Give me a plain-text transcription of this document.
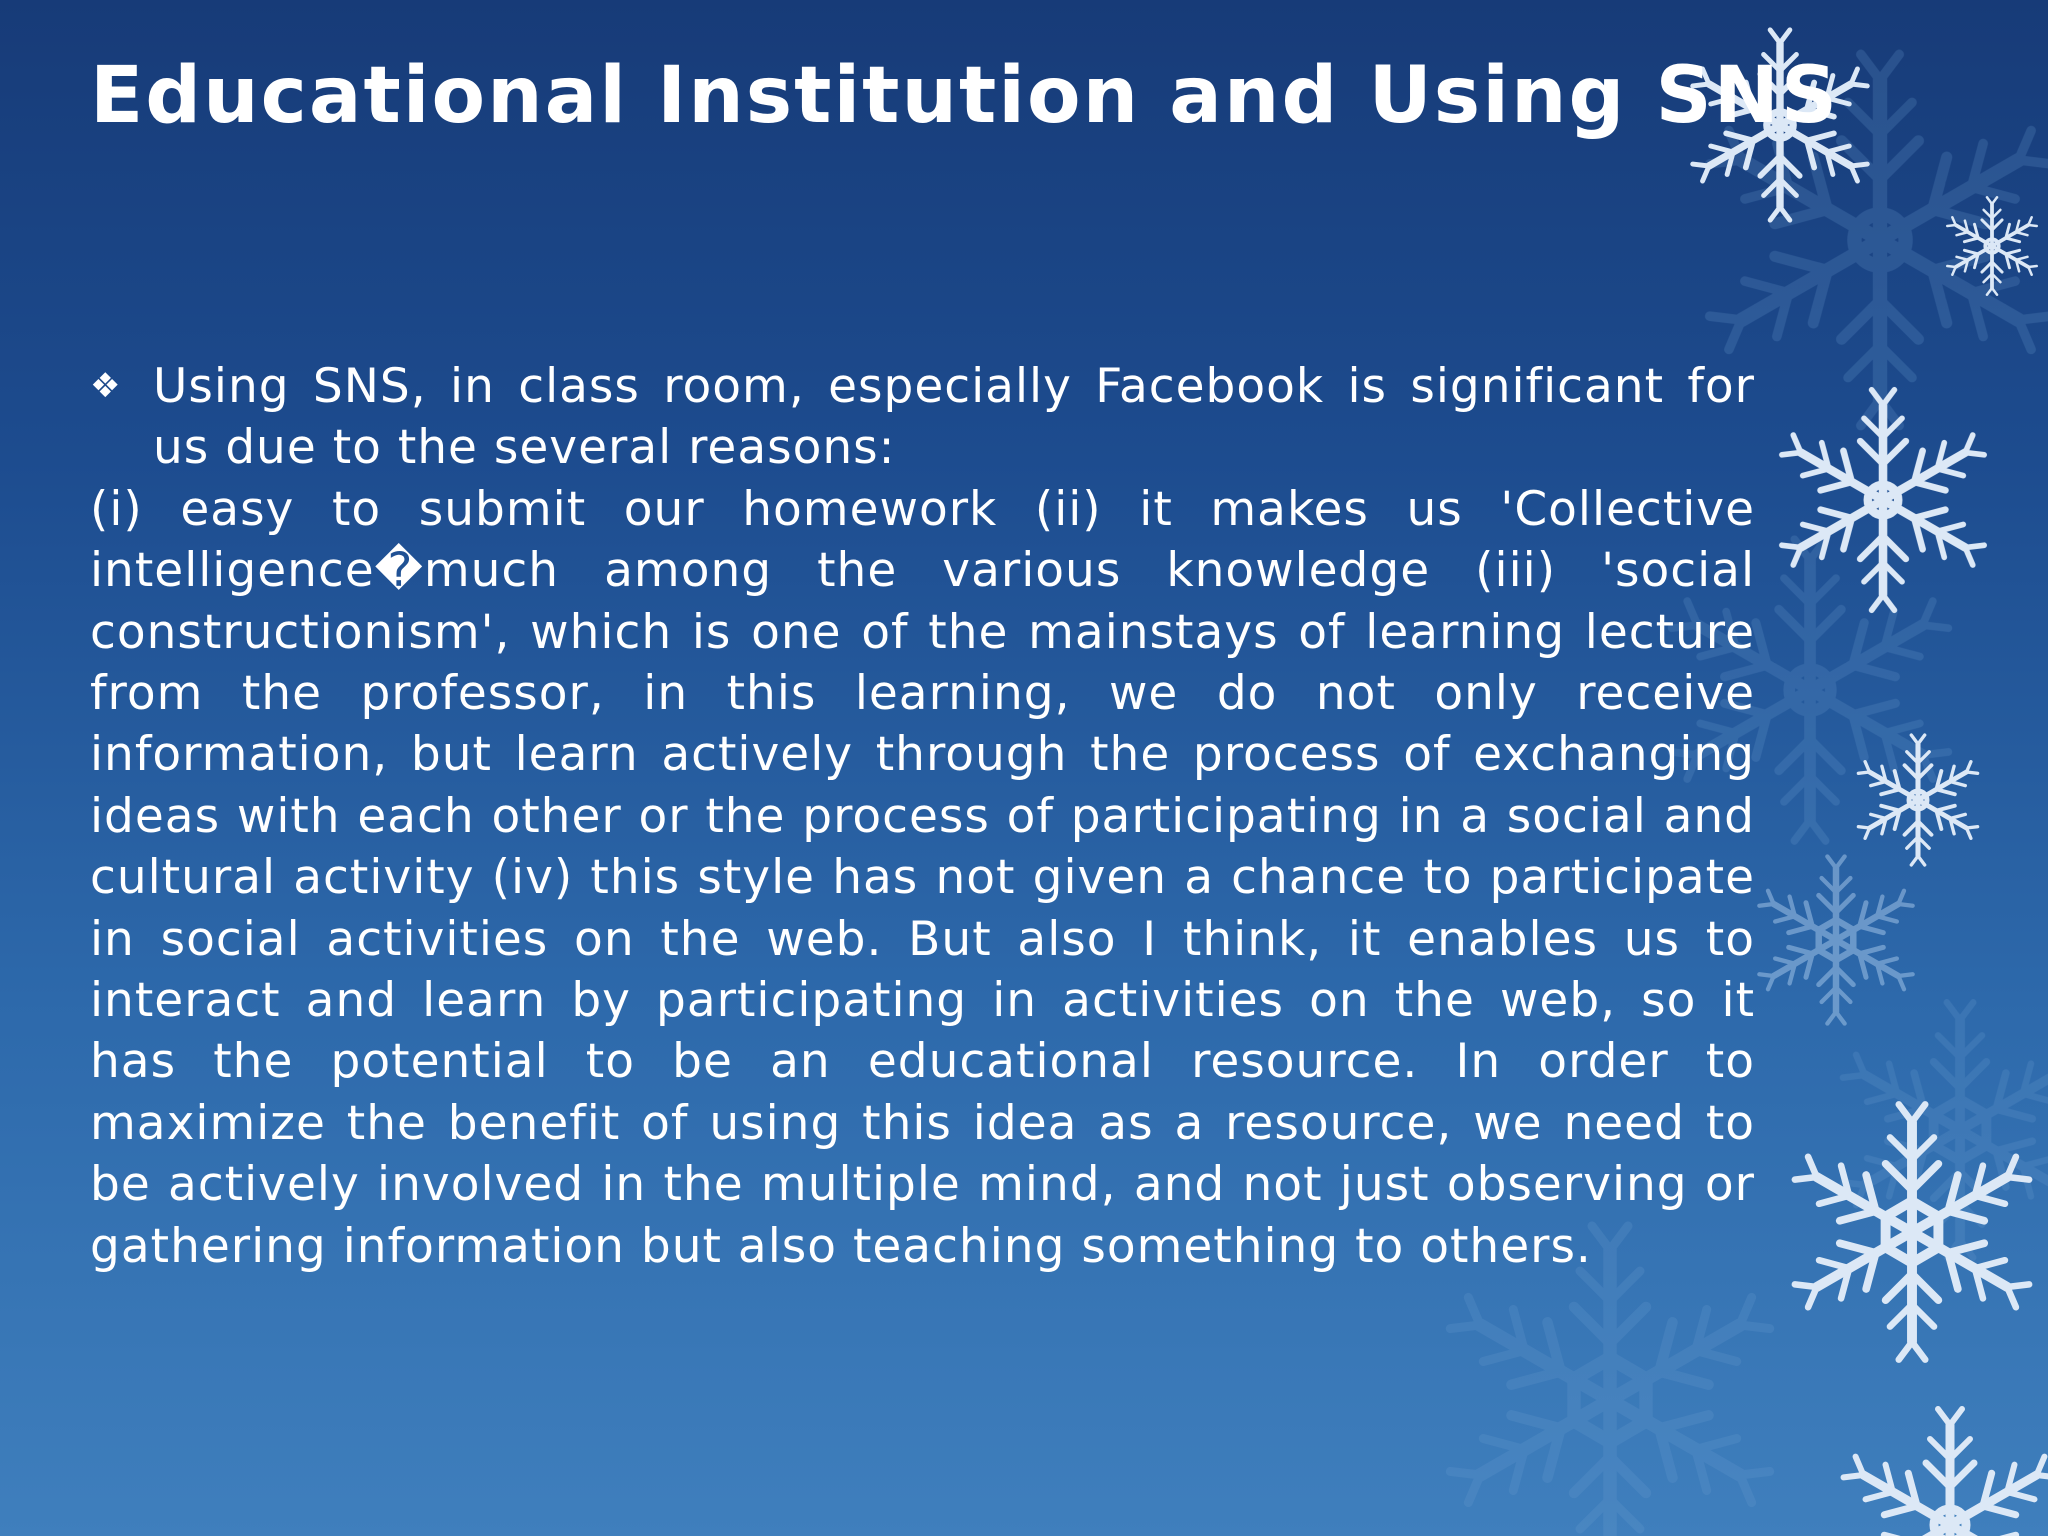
Educational Institution and Using SNS
❖ Using SNS, in class room, especially Facebook is significant for us due to the several reasons:

(i) easy to submit our homework (ii) it makes us 'Collective intelligence�much among the various knowledge (iii) 'social constructionism', which is one of the mainstays of learning lecture from the professor, in this learning, we do not only receive information, but learn actively through the process of exchanging ideas with each other or the process of participating in a social and cultural activity (iv) this style has not given a chance to participate in social activities on the web. But also I think, it enables us to interact and learn by participating in activities on the web, so it has the potential to be an educational resource. In order to maximize the benefit of using this idea as a resource, we need to be actively involved in the multiple mind, and not just observing or gathering information but also teaching something to others.
